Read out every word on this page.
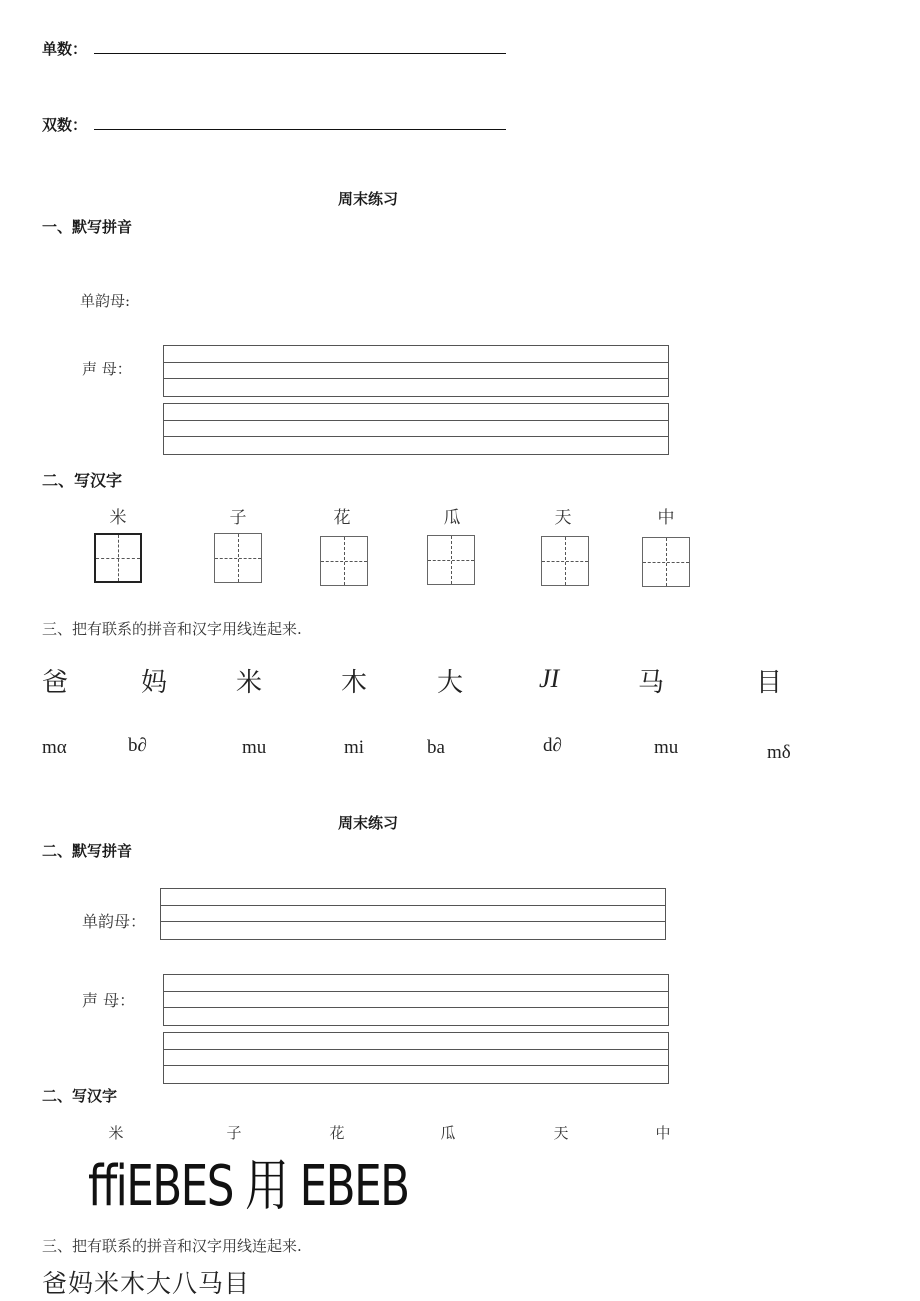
单数：
双数：
周末练习
一、默写拼音
单韵母:
声 母：
二、写汉字
米	子	花	瓜	天	中
三、把有联系的拼音和汉字用线连起来.
爸	妈	米	木	大	JI	马	目
mα	b∂	mu	mi	ba	d∂	mu	mδ
周末练习
二、默写拼音
单韵母：
声 母：
二、写汉字
米	子	花	瓜	天	中
ffiEBES 用 EBEB
三、把有联系的拼音和汉字用线连起来.
爸妈米木大八马目
